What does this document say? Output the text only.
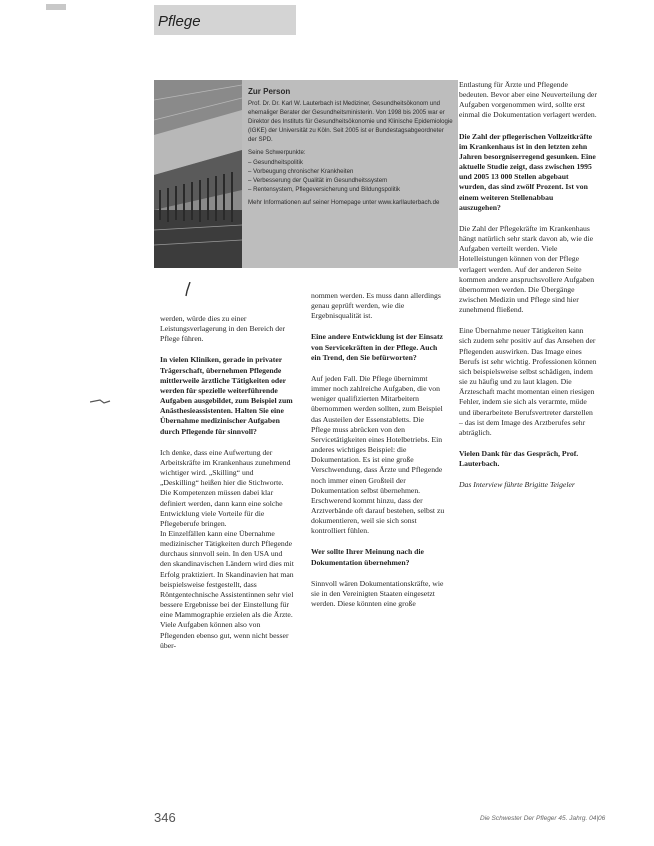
Pflege
Zur Person

Prof. Dr. Dr. Karl W. Lauterbach ist Mediziner, Gesundheitsökonom und ehemaliger Berater der Gesundheitsministerin. Von 1998 bis 2005 war er Direktor des Instituts für Gesundheitsökonomie und Klinische Epidemiologie (IGKE) der Universität zu Köln. Seit 2005 ist er Bundestagsabgeordneter der SPD.

Seine Schwerpunkte:
– Gesundheitspolitik
– Vorbeugung chronischer Krankheiten
– Verbesserung der Qualität im Gesundheitssystem
– Rentensystem, Pflegeversicherung und Bildungspolitik

Mehr Informationen auf seiner Homepage unter www.karllauterbach.de

werden, würde dies zu einer Leistungsverlagerung in den Bereich der Pflege führen.

In vielen Kliniken, gerade in privater Trägerschaft, übernehmen Pflegende mittlerweile ärztliche Tätigkeiten oder werden für spezielle weiterführende Aufgaben ausgebildet, zum Beispiel zum Anästhesieassistenten. Halten Sie eine Übernahme medizinischer Aufgaben durch Pflegende für sinnvoll?

Ich denke, dass eine Aufwertung der Arbeitskräfte im Krankenhaus zunehmend wichtiger wird. „Skilling“ und „Deskilling“ heißen hier die Stichworte. Die Kompetenzen müssen dabei klar definiert werden, dann kann eine solche Entwicklung viele Vorteile für die Pflegeberufe bringen.

In Einzelfällen kann eine Übernahme medizinischer Tätigkeiten durch Pflegende durchaus sinnvoll sein. In den USA und den skandinavischen Ländern wird dies mit Erfolg praktiziert. In Skandinavien hat man beispielsweise festgestellt, dass Röntgentechnische Assistentinnen sehr viel bessere Ergebnisse bei der Einstellung für eine Mammographie erzielen als die Ärzte. Viele Aufgaben können also von Pflegenden ebenso gut, wenn nicht besser über-

nommen werden. Es muss dann allerdings genau geprüft werden, wie die Ergebnisqualität ist.

Eine andere Entwicklung ist der Einsatz von Servicekräften in der Pflege. Auch ein Trend, den Sie befürworten?

Auf jeden Fall. Die Pflege übernimmt immer noch zahlreiche Aufgaben, die von weniger qualifizierten Mitarbeitern übernommen werden sollten, zum Beispiel das Austeilen der Essenstabletts. Die Pflege muss abrücken von den Servicetätigkeiten eines Hotelbetriebs. Ein anderes wichtiges Beispiel: die Dokumentation. Es ist eine große Verschwendung, dass Ärzte und Pflegende noch immer einen Großteil der Dokumentation selbst übernehmen. Erschwerend kommt hinzu, dass der Arztverbände oft darauf bestehen, selbst zu dokumentieren, weil sie sich sonst kontrolliert fühlen.

Wer sollte Ihrer Meinung nach die Dokumentation übernehmen?

Sinnvoll wären Dokumentationskräfte, wie sie in den Vereinigten Staaten eingesetzt werden. Diese könnten eine große

Entlastung für Ärzte und Pflegende bedeuten. Bevor aber eine Neuverteilung der Aufgaben vorgenommen wird, sollte erst einmal die Dokumentation verlagert werden.

Die Zahl der pflegerischen Vollzeitkräfte im Krankenhaus ist in den letzten zehn Jahren besorgniserregend gesunken. Eine aktuelle Studie zeigt, dass zwischen 1995 und 2005 13 000 Stellen abgebaut wurden, das sind zwölf Prozent. Ist von einem weiteren Stellenabbau auszugehen?

Die Zahl der Pflegekräfte im Krankenhaus hängt natürlich sehr stark davon ab, wie die Aufgaben verteilt werden. Viele Hotelleistungen können von der Pflege verlagert werden. Auf der anderen Seite kommen andere anspruchsvollere Aufgaben übernommen werden. Die Übergänge zwischen Medizin und Pflege sind hier zunehmend fließend.

Eine Übernahme neuer Tätigkeiten kann sich zudem sehr positiv auf das Ansehen der Pflegenden auswirken. Das Image eines Berufs ist sehr wichtig. Professionen können sich beispielsweise selbst schädigen, indem sie zu häufig und zu laut klagen. Die Ärzteschaft macht momentan einen riesigen Fehler, indem sie sich als verarmte, müde und überarbeitete Berufsvertreter darstellen – das ist dem Image des Arztberufes sehr abträglich.

Vielen Dank für das Gespräch, Prof. Lauterbach.

Das Interview führte Brigitte Teigeler

346	Die Schwester Der Pfleger 45. Jahrg. 04|06
